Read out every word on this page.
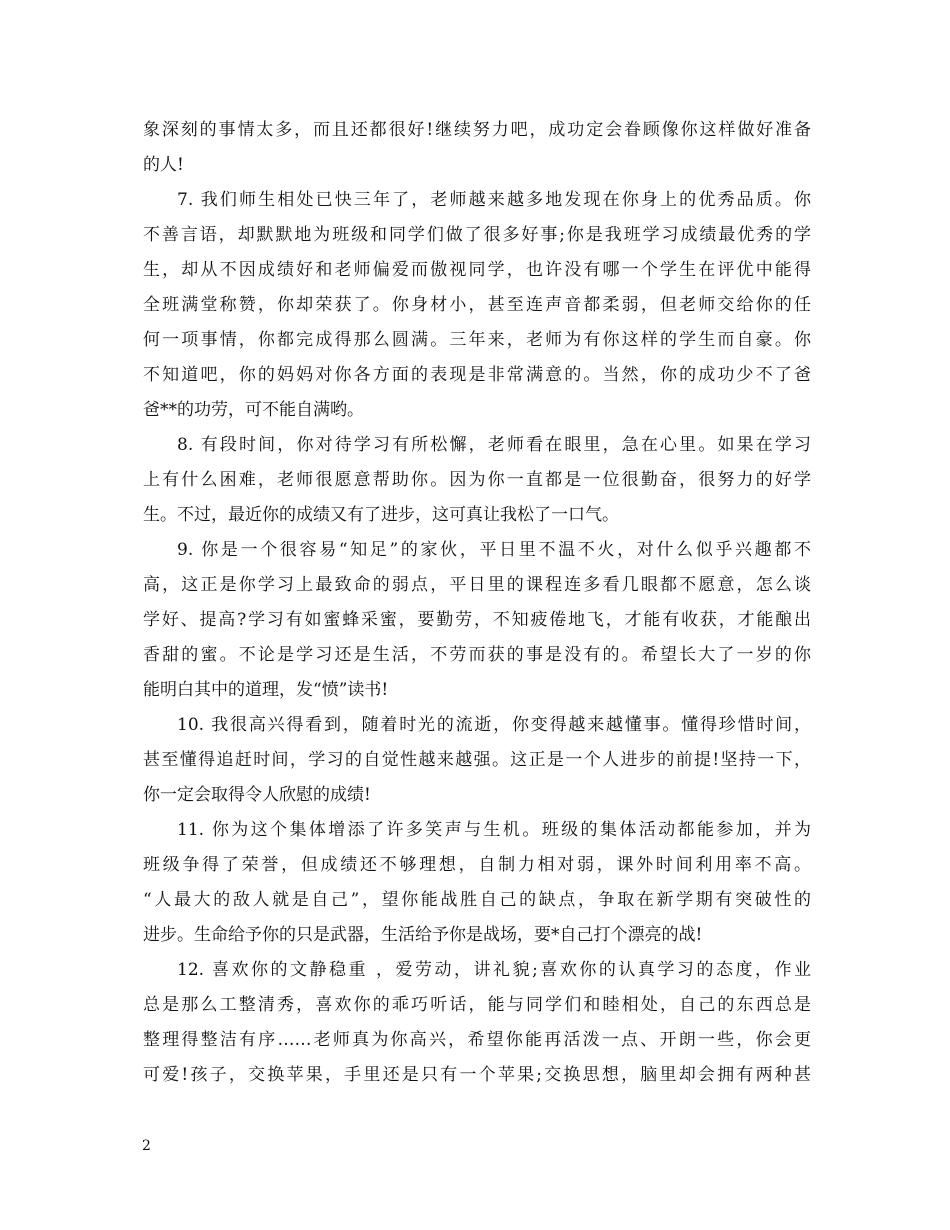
象深刻的事情太多，而且还都很好!继续努力吧，成功定会眷顾像你这样做好准备
的人!
7. 我们师生相处已快三年了，老师越来越多地发现在你身上的优秀品质。你
不善言语，却默默地为班级和同学们做了很多好事;你是我班学习成绩最优秀的学
生，却从不因成绩好和老师偏爱而傲视同学，也许没有哪一个学生在评优中能得
全班满堂称赞，你却荣获了。你身材小，甚至连声音都柔弱，但老师交给你的任
何一项事情，你都完成得那么圆满。三年来，老师为有你这样的学生而自豪。你
不知道吧，你的妈妈对你各方面的表现是非常满意的。当然，你的成功少不了爸
爸**的功劳，可不能自满哟。
8. 有段时间，你对待学习有所松懈，老师看在眼里，急在心里。如果在学习
上有什么困难，老师很愿意帮助你。因为你一直都是一位很勤奋，很努力的好学
生。不过，最近你的成绩又有了进步，这可真让我松了一口气。
9. 你是一个很容易“知足”的家伙，平日里不温不火，对什么似乎兴趣都不
高，这正是你学习上最致命的弱点，平日里的课程连多看几眼都不愿意，怎么谈
学好、提高?学习有如蜜蜂采蜜，要勤劳，不知疲倦地飞，才能有收获，才能酿出
香甜的蜜。不论是学习还是生活，不劳而获的事是没有的。希望长大了一岁的你
能明白其中的道理，发“愤”读书!
10. 我很高兴得看到，随着时光的流逝，你变得越来越懂事。懂得珍惜时间，
甚至懂得追赶时间，学习的自觉性越来越强。这正是一个人进步的前提!坚持一下，
你一定会取得令人欣慰的成绩!
11. 你为这个集体增添了许多笑声与生机。班级的集体活动都能参加，并为
班级争得了荣誉，但成绩还不够理想，自制力相对弱，课外时间利用率不高。
“人最大的敌人就是自己”，望你能战胜自己的缺点，争取在新学期有突破性的
进步。生命给予你的只是武器，生活给予你是战场，要*自己打个漂亮的战!
12. 喜欢你的文静稳重 ，爱劳动，讲礼貌;喜欢你的认真学习的态度，作业
总是那么工整清秀，喜欢你的乖巧听话，能与同学们和睦相处，自己的东西总是
整理得整洁有序……老师真为你高兴，希望你能再活泼一点、开朗一些，你会更
可爱!孩子，交换苹果，手里还是只有一个苹果;交换思想，脑里却会拥有两种甚
2
